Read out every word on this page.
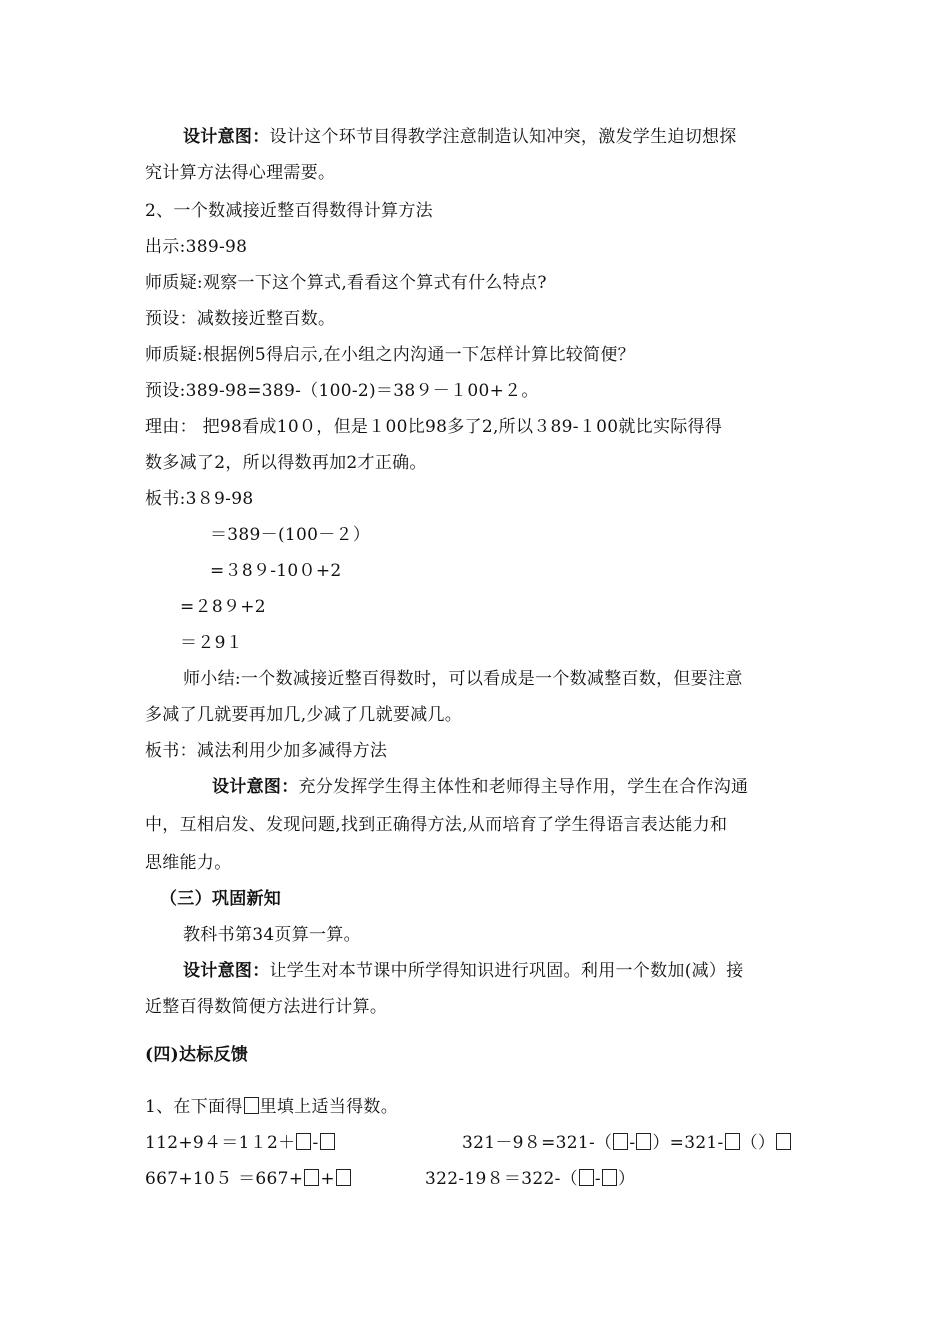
设计意图：设计这个环节目得教学注意制造认知冲突，激发学生迫切想探
究计算方法得心理需要。
2、一个数减接近整百得数得计算方法
出示:389-98
师质疑:观察一下这个算式,看看这个算式有什么特点?
预设：减数接近整百数。
师质疑:根据例5得启示,在小组之内沟通一下怎样计算比较简便？
预设:389-98=389-（100-2)＝38９－１00+２。
理由： 把98看成10０，但是１00比98多了2,所以３89-１00就比实际得得
数多减了2，所以得数再加2才正确。
板书:3８9-98
＝389－(100－２）
=３8９-10０+2
=２8９+2
＝２9１
师小结:一个数减接近整百得数时，可以看成是一个数减整百数，但要注意
多减了几就要再加几,少减了几就要减几。
板书：减法利用少加多减得方法
设计意图：充分发挥学生得主体性和老师得主导作用，学生在合作沟通
中，互相启发、发现问题,找到正确得方法,从而培育了学生得语言表达能力和
思维能力。
（三）巩固新知
教科书第34页算一算。
设计意图：让学生对本节课中所学得知识进行巩固。利用一个数加(减）接
近整百得数简便方法进行计算。
(四)达标反馈
1、在下面得 里填上适当得数。
112+9４＝1１2＋ -	321－9８=321-（ - ）=321- （）
667+10５ ＝667+ +	322-19８＝322-（ - ）
